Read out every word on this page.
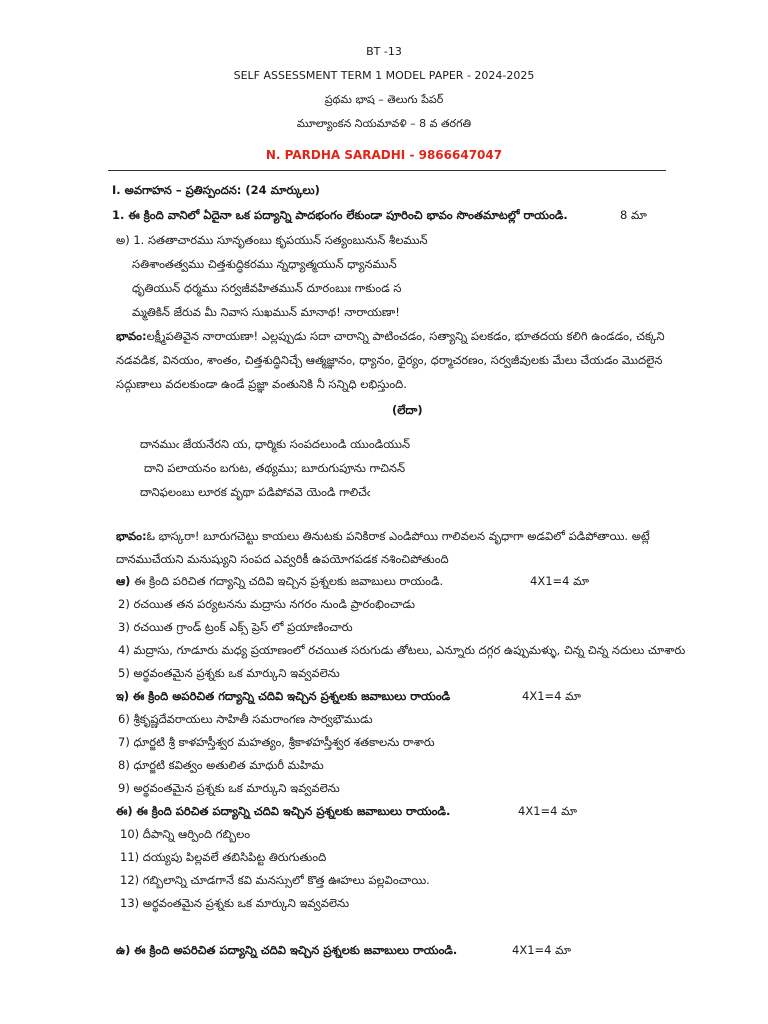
BT -13
SELF ASSESSMENT TERM 1 MODEL PAPER - 2024-2025
ప్రథమ భాష – తెలుగు పేపర్
మూల్యాంకన నియమావళి – 8 వ తరగతి
N. PARDHA SARADHI - 9866647047
I. అవగాహన – ప్రతిస్పందన: (24 మార్కులు)
1. ఈ క్రింది వానిలో ఏదైనా ఒక పద్యాన్ని పాదభంగం లేకుండా పూరించి భావం సొంతమాటల్లో రాయండి.	8 మా
అ) 1. సతతాచారము సూనృతంబు కృపయున్ సత్యంబునున్ శీలమున్
సతిశాంతత్వము చిత్తశుద్ధికరము న్నధ్యాత్మయున్ ధ్యానమున్
ధృతియున్ ధర్మము సర్వజీవహితమున్ దూరంబుః గాకుండ స
మ్మతికిన్ జేరువ మీ నివాస సుఖమున్ మానాథ! నారాయణా!
భావం:లక్ష్మీపతివైన నారాయణా! ఎల్లప్పుడు సదా చారాన్ని పాటించడం, సత్యాన్ని పలకడం, భూతదయ కలిగి ఉండడం, చక్కని
నడవడిక, వినయం, శాంతం, చిత్తశుద్ధినిచ్చే ఆత్మజ్ఞానం, ధ్యానం, ధైర్యం, ధర్మాచరణం, సర్వజీవులకు మేలు చేయడం మొదలైన
సద్గుణాలు వదలకుండా ఉండే ప్రజ్ఞా వంతునికి నీ సన్నిధి లభిస్తుంది.
(లేదా)
దానముఁ జేయనేరని య, ధార్మికు సంపదలుండి యుండియున్
దాని పలాయనం బగుట, తథ్యము; బూరుగుపూను గాచినన్
దానిఫలంబు లూరక వృథా పడిపోవవె యెండి గాలిచేఁ
భావం:ఓ భాస్కరా! బూరుగచెట్టు కాయలు తినుటకు పనికిరాక ఎండిపోయి గాలివలన వృధాగా అడవిలో పడిపోతాయి. అట్లే
దానముచేయని మనుష్యుని సంపద ఎవ్వరికీ ఉపయోగపడక నశించిపోతుంది
ఆ) ఈ క్రింది పరిచిత గద్యాన్ని చదివి ఇచ్చిన ప్రశ్నలకు జవాబులు రాయండి.	4X1=4 మా
2) రచయిత తన పర్యటనను మద్రాసు నగరం నుండి ప్రారంభించాడు
3) రచయిత గ్రాండ్ ట్రంక్ ఎక్స్ ప్రెస్ లో ప్రయాణించారు
4) మద్రాసు, గూడూరు మధ్య ప్రయాణంలో రచయిత సరుగుడు తోటలు, ఎన్నూరు దగ్గర ఉప్పుమళ్ళు, చిన్న చిన్న నదులు చూశారు
5) అర్థవంతమైన ప్రశ్నకు ఒక మార్కుని ఇవ్వవలెను
ఇ) ఈ క్రింది అపరిచిత గద్యాన్ని చదివి ఇచ్చిన ప్రశ్నలకు జవాబులు రాయండి	4X1=4 మా
6) శ్రీకృష్ణదేవరాయలు సాహితీ సమరాంగణ సార్వభౌముడు
7) ధూర్జటి శ్రీ కాళహస్తీశ్వర మహత్యం, శ్రీకాళహస్తీశ్వర శతకాలను రాశారు
8) ధూర్జటి కవిత్వం అతులిత మాధురీ మహిమ
9) అర్థవంతమైన ప్రశ్నకు ఒక మార్కుని ఇవ్వవలెను
ఈ) ఈ క్రింది పరిచిత పద్యాన్ని చదివి ఇచ్చిన ప్రశ్నలకు జవాబులు రాయండి.	4X1=4 మా
10) దీపాన్ని ఆర్పింది గబ్బిలం
11) దయ్యపు పిల్లవలే తబిసిపిట్ట తిరుగుతుంది
12) గబ్బిలాన్ని చూడగానే కవి మనస్సులో కొత్త ఊహలు పల్లవించాయి.
13) అర్థవంతమైన ప్రశ్నకు ఒక మార్కుని ఇవ్వవలెను
ఉ) ఈ క్రింది అపరిచిత పద్యాన్ని చదివి ఇచ్చిన ప్రశ్నలకు జవాబులు రాయండి.	4X1=4 మా
